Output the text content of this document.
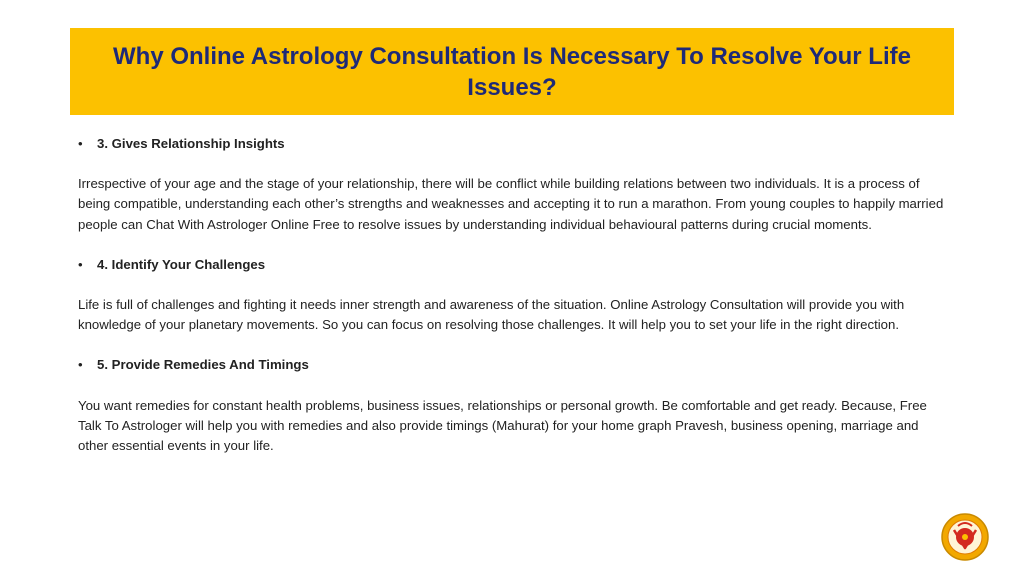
Why Online Astrology Consultation Is Necessary To Resolve Your Life Issues?
•	3. Gives Relationship Insights

Irrespective of your age and the stage of your relationship, there will be conflict while building relations between two individuals. It is a process of being compatible, understanding each other’s strengths and weaknesses and accepting it to run a marathon. From young couples to happily married people can Chat With Astrologer Online Free to resolve issues by understanding individual behavioural patterns during crucial moments.

•	4. Identify Your Challenges

Life is full of challenges and fighting it needs inner strength and awareness of the situation. Online Astrology Consultation will provide you with knowledge of your planetary movements. So you can focus on resolving those challenges. It will help you to set your life in the right direction.

•	5. Provide Remedies And Timings

You want remedies for constant health problems, business issues, relationships or personal growth. Be comfortable and get ready. Because, Free Talk To Astrologer will help you with remedies and also provide timings (Mahurat) for your home graph Pravesh, business opening, marriage and other essential events in your life.
